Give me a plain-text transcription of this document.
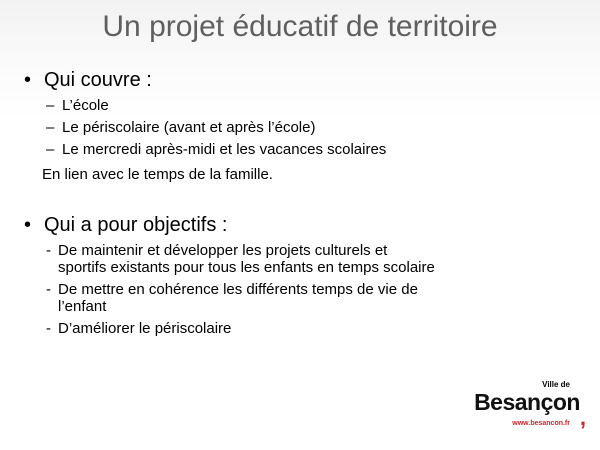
Un projet éducatif de territoire
• Qui couvre :
– L’école
– Le périscolaire (avant et après l’école)
– Le mercredi après-midi et les vacances scolaires
En lien avec le temps de la famille.
• Qui a pour objectifs :
- De maintenir et développer les projets culturels et
sportifs existants pour tous les enfants en temps scolaire
- De mettre en cohérence les différents temps de vie de
l’enfant
- D’améliorer le périscolaire
Ville de
Besançon
,
www.besancon.fr
